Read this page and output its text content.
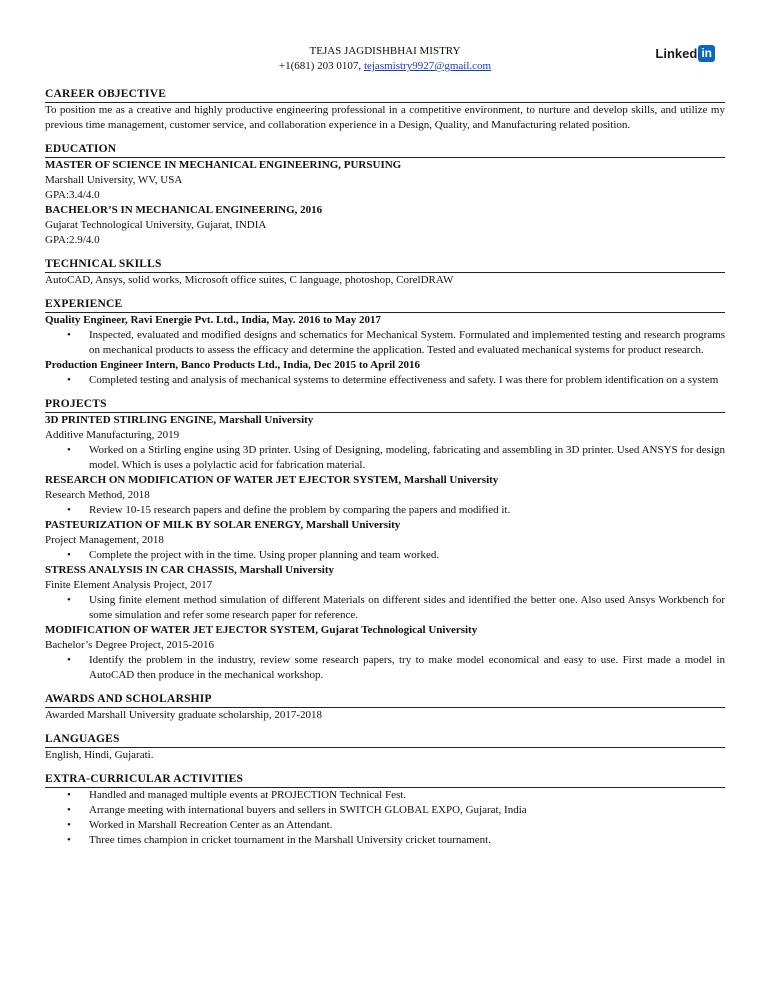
TEJAS JAGDISHBHAI MISTRY
+1(681) 203 0107, tejasmistry9927@gmail.com
Linked in
CAREER OBJECTIVE
To position me as a creative and highly productive engineering professional in a competitive environment, to nurture and develop skills, and utilize my previous time management, customer service, and collaboration experience in a Design, Quality, and Manufacturing related position.
EDUCATION
MASTER OF SCIENCE IN MECHANICAL ENGINEERING, PURSUING
Marshall University, WV, USA
GPA:3.4/4.0
BACHELOR’S IN MECHANICAL ENGINEERING, 2016
Gujarat Technological University, Gujarat, INDIA
GPA:2.9/4.0
TECHNICAL SKILLS
AutoCAD, Ansys, solid works, Microsoft office suites, C language, photoshop, CorelDRAW
EXPERIENCE
Quality Engineer, Ravi Energie Pvt. Ltd., India, May. 2016 to May 2017
• Inspected, evaluated and modified designs and schematics for Mechanical System. Formulated and implemented testing and research programs on mechanical products to assess the efficacy and determine the application. Tested and evaluated mechanical systems for product research.
Production Engineer Intern, Banco Products Ltd., India, Dec 2015 to April 2016
• Completed testing and analysis of mechanical systems to determine effectiveness and safety. I was there for problem identification on a system
PROJECTS
3D PRINTED STIRLING ENGINE, Marshall University
Additive Manufacturing, 2019
• Worked on a Stirling engine using 3D printer. Using of Designing, modeling, fabricating and assembling in 3D printer. Used ANSYS for design model. Which is uses a polylactic acid for fabrication material.
RESEARCH ON MODIFICATION OF WATER JET EJECTOR SYSTEM, Marshall University
Research Method, 2018
• Review 10-15 research papers and define the problem by comparing the papers and modified it.
PASTEURIZATION OF MILK BY SOLAR ENERGY, Marshall University
Project Management, 2018
• Complete the project with in the time. Using proper planning and team worked.
STRESS ANALYSIS IN CAR CHASSIS, Marshall University
Finite Element Analysis Project, 2017
• Using finite element method simulation of different Materials on different sides and identified the better one. Also used Ansys Workbench for some simulation and refer some research paper for reference.
MODIFICATION OF WATER JET EJECTOR SYSTEM, Gujarat Technological University
Bachelor’s Degree Project, 2015-2016
• Identify the problem in the industry, review some research papers, try to make model economical and easy to use. First made a model in AutoCAD then produce in the mechanical workshop.
AWARDS AND SCHOLARSHIP
Awarded Marshall University graduate scholarship, 2017-2018
LANGUAGES
English, Hindi, Gujarati.
EXTRA-CURRICULAR ACTIVITIES
• Handled and managed multiple events at PROJECTION Technical Fest.
• Arrange meeting with international buyers and sellers in SWITCH GLOBAL EXPO, Gujarat, India
• Worked in Marshall Recreation Center as an Attendant.
• Three times champion in cricket tournament in the Marshall University cricket tournament.
